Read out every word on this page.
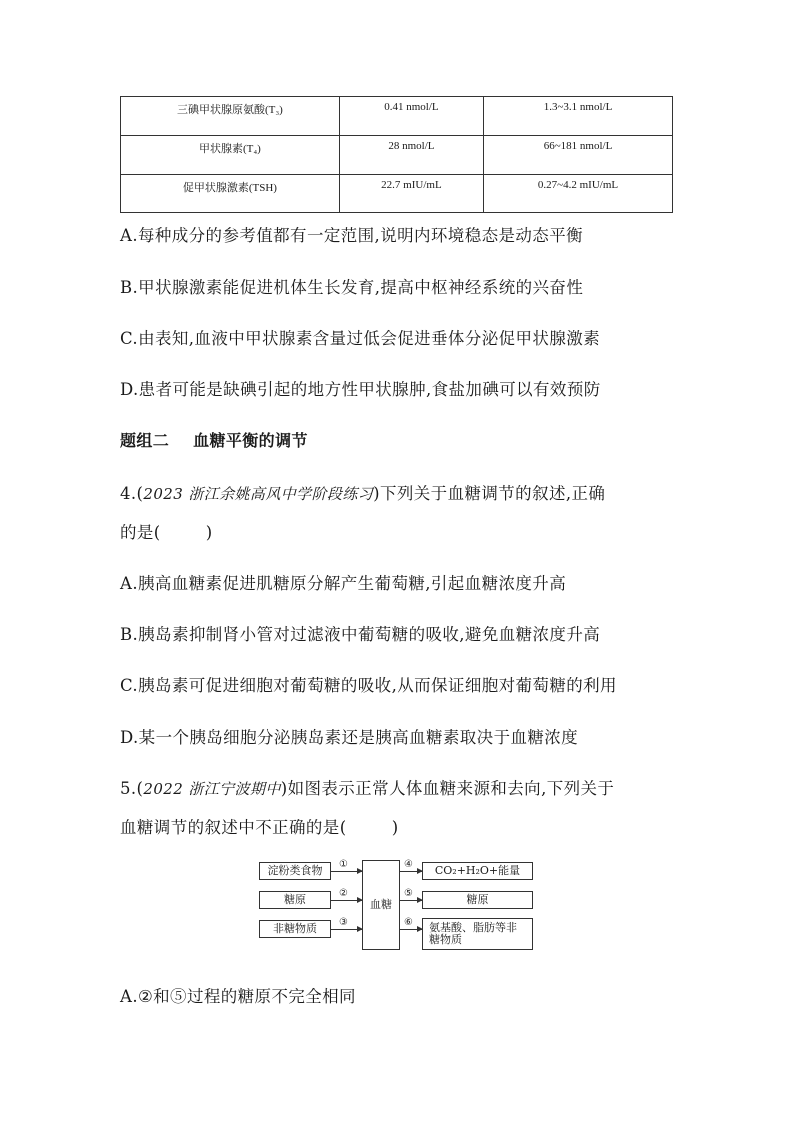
三碘甲状腺原氨酸(T₃)	0.41 nmol/L	1.3~3.1 nmol/L
甲状腺素(T₄)	28 nmol/L	66~181 nmol/L
促甲状腺激素(TSH)	22.7 mIU/mL	0.27~4.2 mIU/mL
A.每种成分的参考值都有一定范围,说明内环境稳态是动态平衡
B.甲状腺激素能促进机体生长发育,提高中枢神经系统的兴奋性
C.由表知,血液中甲状腺素含量过低会促进垂体分泌促甲状腺激素
D.患者可能是缺碘引起的地方性甲状腺肿,食盐加碘可以有效预防
题组二    血糖平衡的调节
4.(2023 浙江余姚高风中学阶段练习)下列关于血糖调节的叙述,正确
的是(        )
A.胰高血糖素促进肌糖原分解产生葡萄糖,引起血糖浓度升高
B.胰岛素抑制肾小管对过滤液中葡萄糖的吸收,避免血糖浓度升高
C.胰岛素可促进细胞对葡萄糖的吸收,从而保证细胞对葡萄糖的利用
D.某一个胰岛细胞分泌胰岛素还是胰高血糖素取决于血糖浓度
5.(2022 浙江宁波期中)如图表示正常人体血糖来源和去向,下列关于
血糖调节的叙述中不正确的是(        )
淀粉类食物
糖原
非糖物质
①
②
③
血糖
④
⑤
⑥
CO₂+H₂O+能量
糖原
氨基酸、脂肪等非糖物质
A.②和⑤过程的糖原不完全相同
